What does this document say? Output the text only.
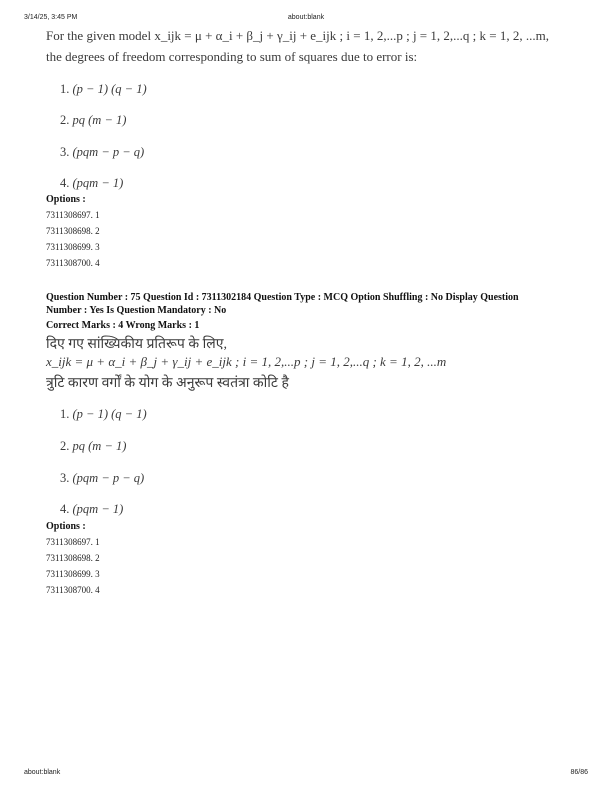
3/14/25, 3:45 PM	about:blank
For the given model x_ijk = μ + α_i + β_j + γ_ij + e_ijk ; i = 1, 2,...p ; j = 1, 2,...q ; k = 1, 2, ...m,
the degrees of freedom corresponding to sum of squares due to error is:
1. (p − 1) (q − 1)
2. pq (m − 1)
3. (pqm − p − q)
4. (pqm − 1)
Options :
7311308697. 1
7311308698. 2
7311308699. 3
7311308700. 4
Question Number : 75 Question Id : 7311302184 Question Type : MCQ Option Shuffling : No Display Question
Number : Yes Is Question Mandatory : No
Correct Marks : 4 Wrong Marks : 1
दिए गए सांख्यिकीय प्रतिरूप के लिए,
x_ijk = μ + α_i + β_j + γ_ij + e_ijk ; i = 1, 2,...p ; j = 1, 2,...q ; k = 1, 2, ...m
त्रुटि कारण वर्गों के योग के अनुरूप स्वतंत्रा कोटि है
1. (p − 1) (q − 1)
2. pq (m − 1)
3. (pqm − p − q)
4. (pqm − 1)
Options :
7311308697. 1
7311308698. 2
7311308699. 3
7311308700. 4
about:blank	86/86
